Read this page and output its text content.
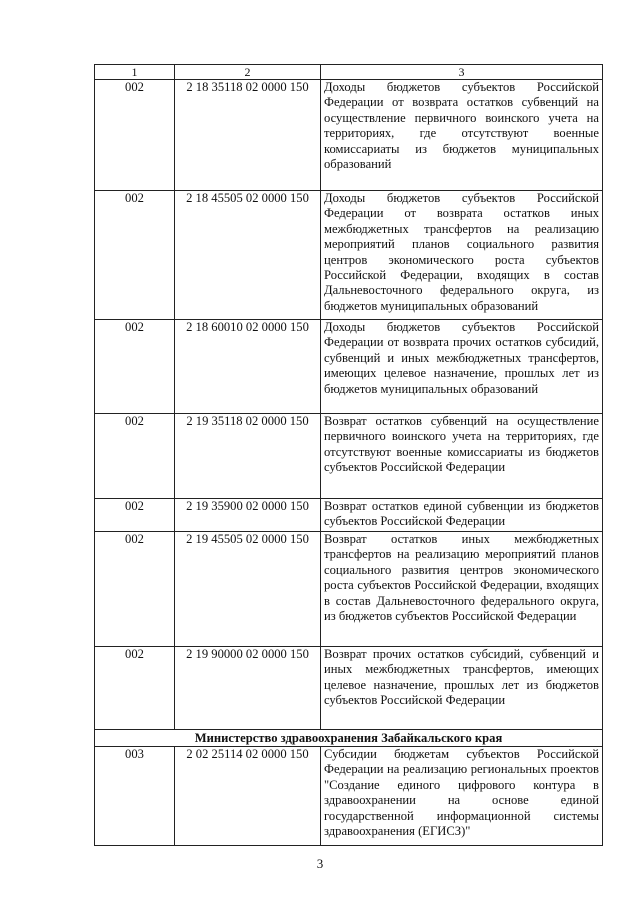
1	2	3
002	2 18 35118 02 0000 150	Доходы бюджетов субъектов Российской Федерации от возврата остатков субвенций на осуществление первичного воинского учета на территориях, где отсутствуют военные комиссариаты из бюджетов муниципальных образований
002	2 18 45505 02 0000 150	Доходы бюджетов субъектов Российской Федерации от возврата остатков иных межбюджетных трансфертов на реализацию мероприятий планов социального развития центров экономического роста субъектов Российской Федерации, входящих в состав Дальневосточного федерального округа, из бюджетов муниципальных образований
002	2 18 60010 02 0000 150	Доходы бюджетов субъектов Российской Федерации от возврата прочих остатков субсидий, субвенций и иных межбюджетных трансфертов, имеющих целевое назначение, прошлых лет из бюджетов муниципальных образований
002	2 19 35118 02 0000 150	Возврат остатков субвенций на осуществление первичного воинского учета на территориях, где отсутствуют военные комиссариаты из бюджетов субъектов Российской Федерации
002	2 19 35900 02 0000 150	Возврат остатков единой субвенции из бюджетов субъектов Российской Федерации
002	2 19 45505 02 0000 150	Возврат остатков иных межбюджетных трансфертов на реализацию мероприятий планов социального развития центров экономического роста субъектов Российской Федерации, входящих в состав Дальневосточного федерального округа, из бюджетов субъектов Российской Федерации
002	2 19 90000 02 0000 150	Возврат прочих остатков субсидий, субвенций и иных межбюджетных трансфертов, имеющих целевое назначение, прошлых лет из бюджетов субъектов Российской Федерации
Министерство здравоохранения Забайкальского края		
003	2 02 25114 02 0000 150	Субсидии бюджетам субъектов Российской Федерации на реализацию региональных проектов "Создание единого цифрового контура в здравоохранении на основе единой государственной информационной системы здравоохранения (ЕГИСЗ)"
3
